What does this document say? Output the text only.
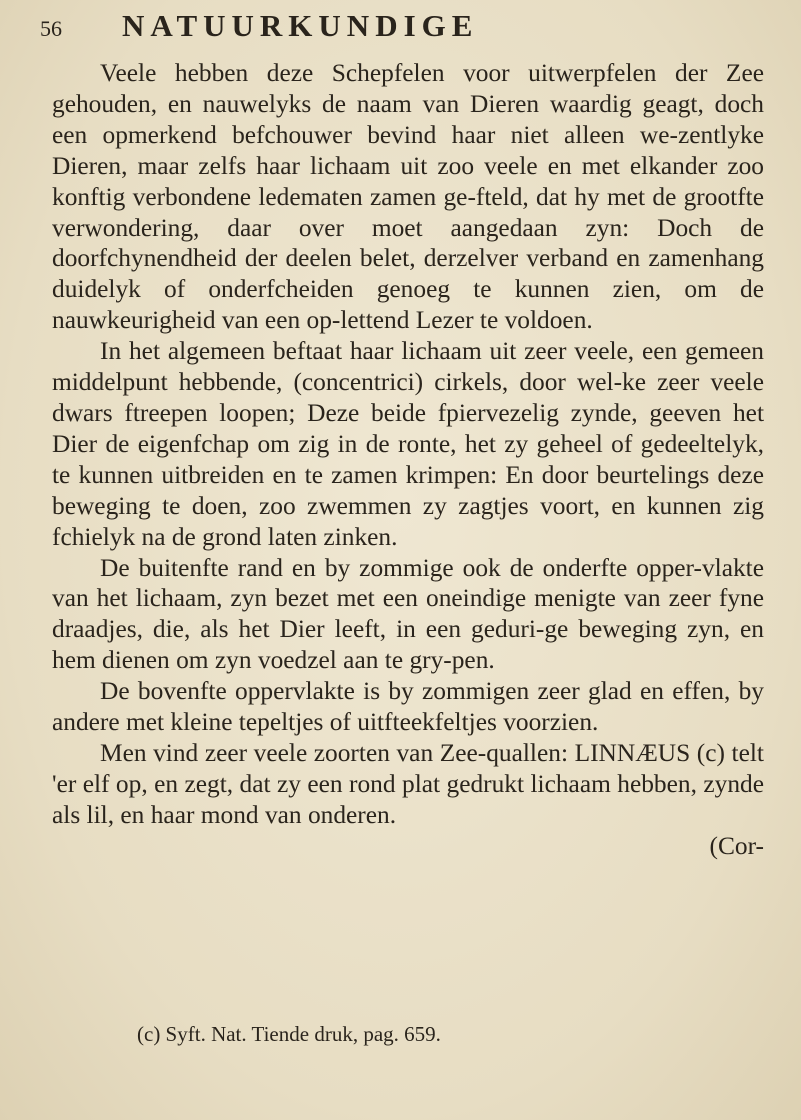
56 NATUURKUNDIGE

Veele hebben deze Schepfelen voor uitwerpfelen der Zee gehouden, en nauwelyks de naam van Dieren waardig geagt, doch een opmerkend befchouwer bevind haar niet alleen we-zentlyke Dieren, maar zelfs haar lichaam uit zoo veele en met elkander zoo konftig verbondene ledematen zamen ge-fteld, dat hy met de grootfte verwondering, daar over moet aangedaan zyn: Doch de doorfchynendheid der deelen belet, derzelver verband en zamenhang duidelyk of onderfcheiden genoeg te kunnen zien, om de nauwkeurigheid van een op-lettend Lezer te voldoen.

In het algemeen beftaat haar lichaam uit zeer veele, een gemeen middelpunt hebbende, (concentrici) cirkels, door wel-ke zeer veele dwars ftreepen loopen; Deze beide fpiervezelig zynde, geeven het Dier de eigenfchap om zig in de ronte, het zy geheel of gedeeltelyk, te kunnen uitbreiden en te zamen krimpen: En door beurtelings deze beweging te doen, zoo zwemmen zy zagtjes voort, en kunnen zig fchielyk na de grond laten zinken.

De buitenfte rand en by zommige ook de onderfte opper-vlakte van het lichaam, zyn bezet met een oneindige menigte van zeer fyne draadjes, die, als het Dier leeft, in een geduri-ge beweging zyn, en hem dienen om zyn voedzel aan te gry-pen.

De bovenfte oppervlakte is by zommigen zeer glad en effen, by andere met kleine tepeltjes of uitfteekfeltjes voorzien.

Men vind zeer veele zoorten van Zee-quallen: LINNÆUS (c) telt 'er elf op, en zegt, dat zy een rond plat gedrukt lichaam hebben, zynde als lil, en haar mond van onderen.

(Cor-

(c) Syft. Nat. Tiende druk, pag. 659.
